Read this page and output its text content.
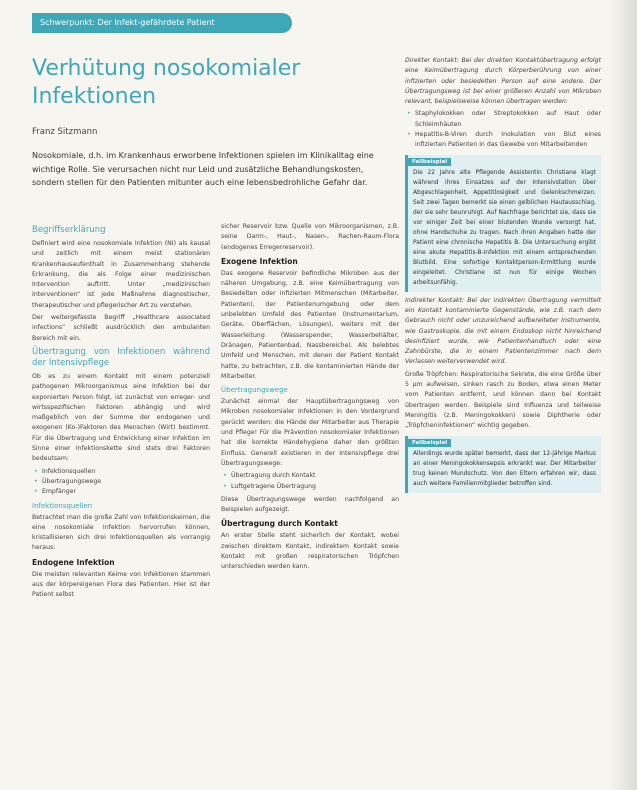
Schwerpunkt: Der Infekt-gefährdete Patient
Verhütung nosokomialer Infektionen
Franz Sitzmann

Nosokomiale, d.h. im Krankenhaus erworbene Infektionen spielen im Klinikalltag eine wichtige Rolle. Sie verursachen nicht nur Leid und zusätzliche Behandlungskosten, sondern stellen für den Patienten mitunter auch eine lebensbedrohliche Gefahr dar.

Begriffserklärung

Definiert wird eine nosokomiale Infektion (NI) als kausal und zeitlich mit einem meist stationären Krankenhausaufenthalt in Zusammenhang stehende Erkrankung, die als Folge einer medizinischen Intervention auftritt. Unter „medizinischen Interventionen“ ist jede Maßnahme diagnostischer, therapeutischer und pflegerischer Art zu verstehen.

Der weitergefasste Begriff „Healthcare associated infections“ schließt ausdrücklich den ambulanten Bereich mit ein.

Übertragung von Infektionen während der Intensivpflege

Ob es zu einem Kontakt mit einem potenziell pathogenen Mikroorganismus eine Infektion bei der exponierten Person folgt, ist zunächst von erreger- und wirtsspezifischen Faktoren abhängig und wird maßgeblich von der Summe der endogenen und exogenen (Ko-)Faktoren des Menschen (Wirt) bestimmt. Für die Übertragung und Entwicklung einer Infektion im Sinne einer Infektionskette sind stets drei Faktoren bedeutsam:

• Infektionsquellen
• Übertragungswege
• Empfänger
Infektionsquellen

Betrachtet man die große Zahl von Infektionskeimen, die eine nosokomiale Infektion hervorrufen können, kristallisieren sich drei Infektionsquellen als vorrangig heraus:

Endogene Infektion

Die meisten relevanten Keime von Infektionen stammen aus der körpereigenen Flora des Patienten. Hier ist der Patient selbst

sicher Reservoir bzw. Quelle von Mikroorganismen, z.B. seine Darm-, Haut-, Nasen-, Rachen-Raum-Flora (endogenes Erregerreservoir).

Exogene Infektion

Das exogene Reservoir befindliche Mikroben aus der näheren Umgebung, z.B. eine Keimübertragung von Besiedelten oder infizierten Mitmenschen (Mitarbeiter, Patienten), der Patientenumgebung oder dem unbelebten Umfeld des Patienten (Instrumentarium, Geräte, Oberflächen, Lösungen), weiters mit der Wasserleitung (Wasserspender, Wasserbehälter, Dränagen, Patientenbad, Nassbereiche). Als belebtes Umfeld und Menschen, mit denen der Patient Kontakt hatte, zu betrachten, z.B. die kontaminierten Hände der Mitarbeiter.

Übertragungswege

Zunächst einmal der Hauptübertragungsweg von Mikroben nosokomialer Infektionen in den Vordergrund gerückt werden: die Hände der Mitarbeiter aus Therapie und Pflege! Für die Prävention nosokomialer Infektionen hat die korrekte Händehygiene daher den größten Einfluss. Generell existieren in der Intensivpflege drei Übertragungswege:

• Übertragung durch Kontakt
• Luftgetragene Übertragung

Diese Übertragungswege werden nachfolgend an Beispielen aufgezeigt.

Übertragung durch Kontakt

An erster Stelle steht sicherlich der Kontakt, wobei zwischen direktem Kontakt, indirektem Kontakt sowie Kontakt mit großen respiratorischen Tröpfchen unterschieden werden kann.

Direkter Kontakt: Bei der direkten Kontaktübertragung erfolgt eine Keimübertragung durch Körperberührung von einer infizierten oder besiedelten Person auf eine andere. Der Übertragungsweg ist bei einer größeren Anzahl von Mikroben relevant, beispielsweise können übertragen werden:

• Staphylokokken oder Streptokokken auf Haut oder Schleimhäuten
• Hepatitis-B-Viren durch Inokulation von Blut eines infizierten Patienten in das Gewebe von Mitarbeitenden
Fallbeispiel
Die 22 Jahre alte Pflegende Assistentin Christiane klagt während ihres Einsatzes auf der Intensivstation über Abgeschlagenheit, Appetitlosigkeit und Gelenkschmerzen. Seit zwei Tagen bemerkt sie einen gelblichen Hautausschlag, der sie sehr beunruhigt. Auf Nachfrage berichtet sie, dass sie vor einiger Zeit bei einer blutenden Wunde versorgt hat, ohne Handschuhe zu tragen. Nach ihren Angaben hatte der Patient eine chronische Hepatitis B. Die Untersuchung ergibt eine akute Hepatitis-B-Infektion mit einem entsprechenden Blutbild. Eine sofortige Kontaktperson-Ermittlung wurde eingeleitet. Christiane ist nun für einige Wochen arbeitsunfähig.

Indirekter Kontakt: Bei der indirekten Übertragung vermittelt ein Kontakt kontaminierte Gegenstände, wie z.B. nach dem Gebrauch nicht oder unzureichend aufbereiteter Instrumente, wie Gastroskopie, die mit einem Endoskop nicht hinreichend desinfiziert wurde, wie Patientenhandtuch oder eine Zahnbürste, die in einem Patientenzimmer nach dem Verlassen weiterverwendet wird.

Große Tröpfchen: Respiratorische Sekrete, die eine Größe über 5 μm aufweisen, sinken rasch zu Boden, etwa einen Meter vom Patienten entfernt, und können dann bei Kontakt übertragen werden. Beispiele sind Influenza und teilweise Meningitis (z.B. Meningokokken) sowie Diphtherie oder „Tröpfcheninfektionen“ wichtig gegeben.

Fallbeispiel
Allerdings wurde später bemerkt, dass der 12-jährige Markus an einer Meningokokkensepsis erkrankt war. Der Mitarbeiter trug keinen Mundschutz. Von den Eltern erfahren wir, dass auch weitere Familienmitglieder betroffen sind.
